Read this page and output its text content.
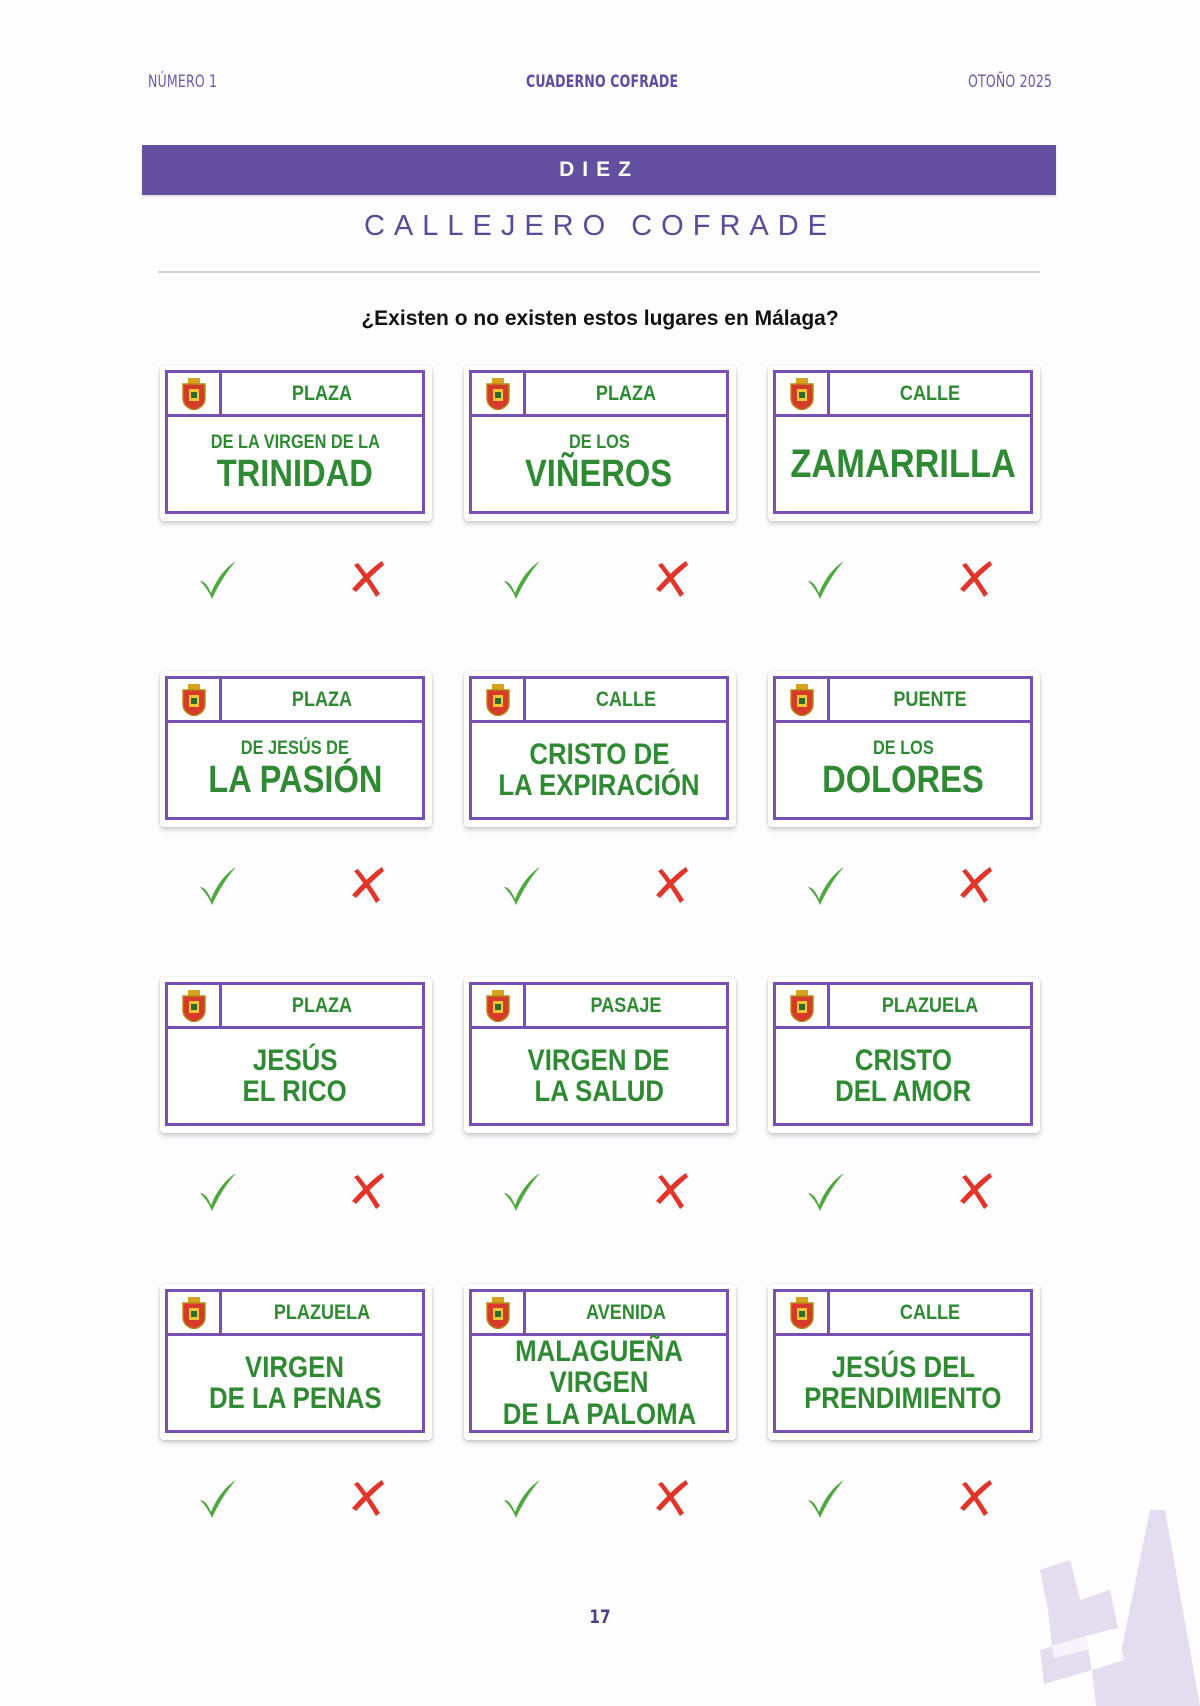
NÚMERO 1	CUADERNO COFRADE	OTOÑO 2025
DIEZ
CALLEJERO COFRADE
¿Existen o no existen estos lugares en Málaga?
PLAZA
DE LA VIRGEN DE LA
TRINIDAD
PLAZA
DE LOS
VIÑEROS
CALLE
ZAMARRILLA
PLAZA
DE JESÚS DE
LA PASIÓN
CALLE
CRISTO DE
LA EXPIRACIÓN
PUENTE
DE LOS
DOLORES
PLAZA
JESÚS
EL RICO
PASAJE
VIRGEN DE
LA SALUD
PLAZUELA
CRISTO
DEL AMOR
PLAZUELA
VIRGEN
DE LA PENAS
AVENIDA
MALAGUEÑA VIRGEN
DE LA PALOMA
CALLE
JESÚS DEL
PRENDIMIENTO
17
